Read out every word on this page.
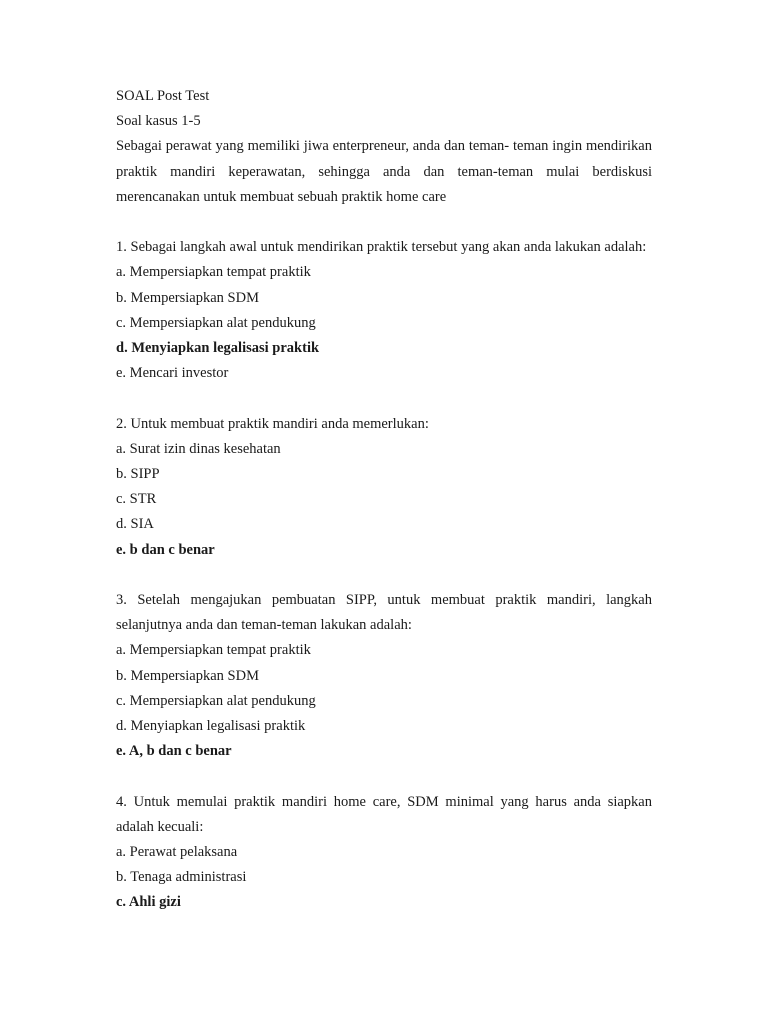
SOAL Post Test
Soal kasus 1-5

Sebagai perawat yang memiliki jiwa enterpreneur, anda dan teman- teman ingin mendirikan praktik mandiri keperawatan, sehingga anda dan teman-teman mulai berdiskusi merencanakan untuk membuat sebuah praktik home care

1. Sebagai langkah awal untuk mendirikan praktik tersebut yang akan anda lakukan adalah:

a. Mempersiapkan tempat praktik
b. Mempersiapkan SDM
c. Mempersiapkan alat pendukung
d. Menyiapkan legalisasi praktik
e. Mencari investor

2. Untuk membuat praktik mandiri anda memerlukan:

a. Surat izin dinas kesehatan
b. SIPP
c. STR
d. SIA
e. b dan c benar

3. Setelah mengajukan pembuatan SIPP, untuk membuat praktik mandiri, langkah selanjutnya anda dan teman-teman lakukan adalah:

a. Mempersiapkan tempat praktik
b. Mempersiapkan SDM
c. Mempersiapkan alat pendukung
d. Menyiapkan legalisasi praktik
e. A, b dan c benar

4. Untuk memulai praktik mandiri home care, SDM minimal yang harus anda siapkan adalah kecuali:

a. Perawat pelaksana
b. Tenaga administrasi
c. Ahli gizi
